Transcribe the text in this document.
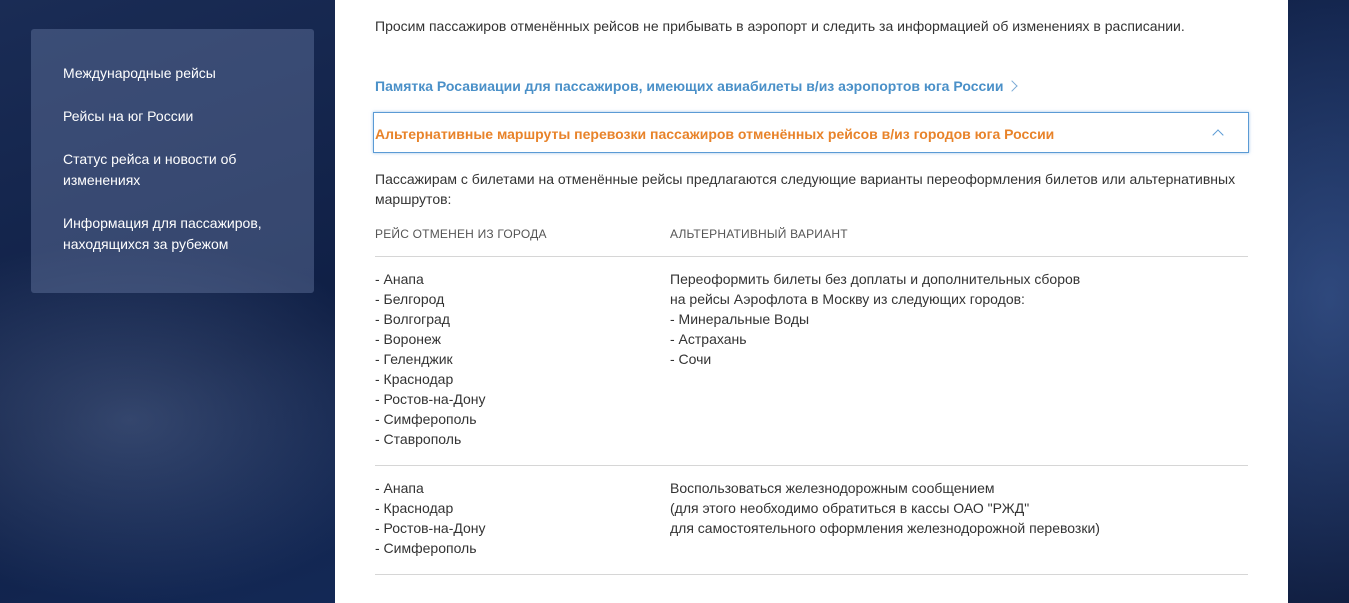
Международные рейсы
Рейсы на юг России
Статус рейса и новости об изменениях
Информация для пассажиров, находящихся за рубежом
Просим пассажиров отменённых рейсов не прибывать в аэропорт и следить за информацией об изменениях в расписании.
Памятка Росавиации для пассажиров, имеющих авиабилеты в/из аэропортов юга России
Альтернативные маршруты перевозки пассажиров отменённых рейсов в/из городов юга России
Пассажирам с билетами на отменённые рейсы предлагаются следующие варианты переоформления билетов или альтернативных маршрутов:
РЕЙС ОТМЕНЕН ИЗ ГОРОДА	АЛЬТЕРНАТИВНЫЙ ВАРИАНТ
- Анапа
- Белгород
- Волгоград
- Воронеж
- Геленджик
- Краснодар
- Ростов-на-Дону
- Симферополь
- Ставрополь
Переоформить билеты без доплаты и дополнительных сборов
на рейсы Аэрофлота в Москву из следующих городов:
- Минеральные Воды
- Астрахань
- Сочи
- Анапа
- Краснодар
- Ростов-на-Дону
- Симферополь
Воспользоваться железнодорожным сообщением
(для этого необходимо обратиться в кассы ОАО "РЖД"
для самостоятельного оформления железнодорожной перевозки)
